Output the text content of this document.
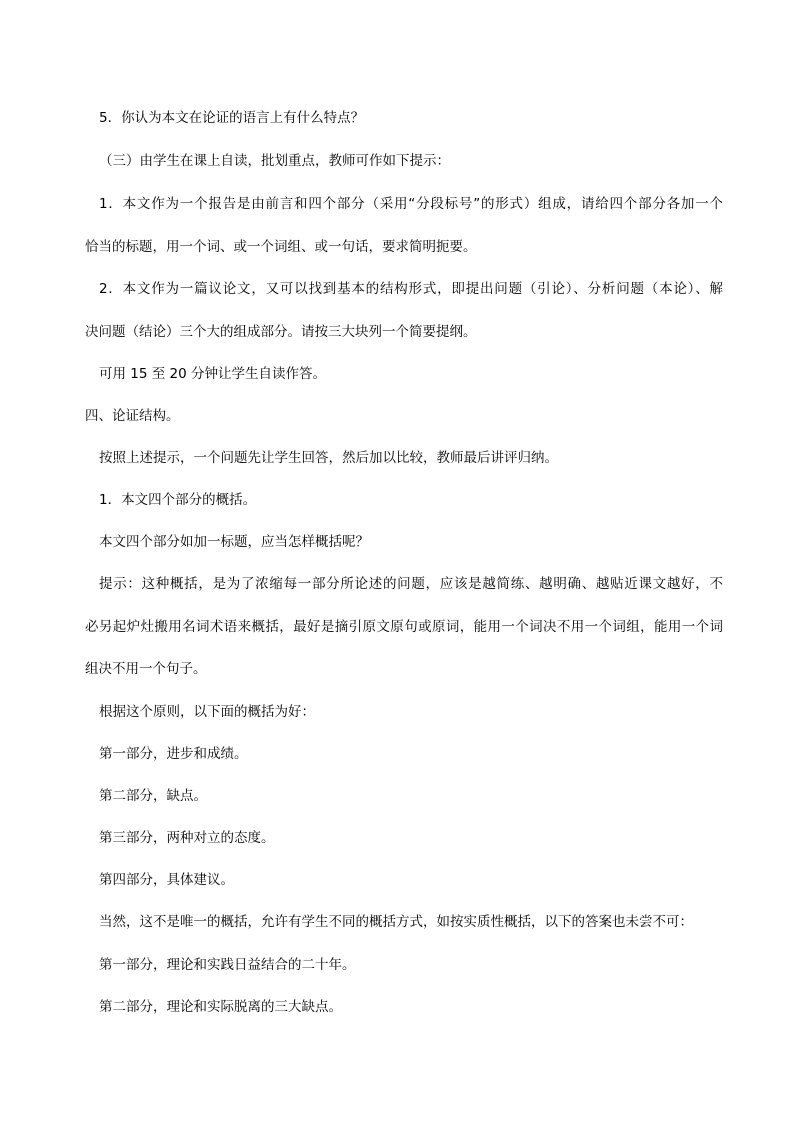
5．你认为本文在论证的语言上有什么特点？

（三）由学生在课上自读，批划重点，教师可作如下提示：

1．本文作为一个报告是由前言和四个部分（采用“分段标号”的形式）组成，请给四个部分各加一个

恰当的标题，用一个词、或一个词组、或一句话，要求简明扼要。

2．本文作为一篇议论文，又可以找到基本的结构形式，即提出问题（引论）、分析问题（本论）、解

决问题（结论）三个大的组成部分。请按三大块列一个简要提纲。

可用 15 至 20 分钟让学生自读作答。

四、论证结构。

按照上述提示，一个问题先让学生回答，然后加以比较，教师最后讲评归纳。

1．本文四个部分的概括。

本文四个部分如加一标题，应当怎样概括呢？

提示：这种概括，是为了浓缩每一部分所论述的问题，应该是越简练、越明确、越贴近课文越好，不

必另起炉灶搬用名词术语来概括，最好是摘引原文原句或原词，能用一个词决不用一个词组，能用一个词

组决不用一个句子。

根据这个原则，以下面的概括为好：

第一部分，进步和成绩。

第二部分，缺点。

第三部分，两种对立的态度。

第四部分，具体建议。

当然，这不是唯一的概括，允许有学生不同的概括方式，如按实质性概括，以下的答案也未尝不可：

第一部分，理论和实践日益结合的二十年。

第二部分，理论和实际脱离的三大缺点。
